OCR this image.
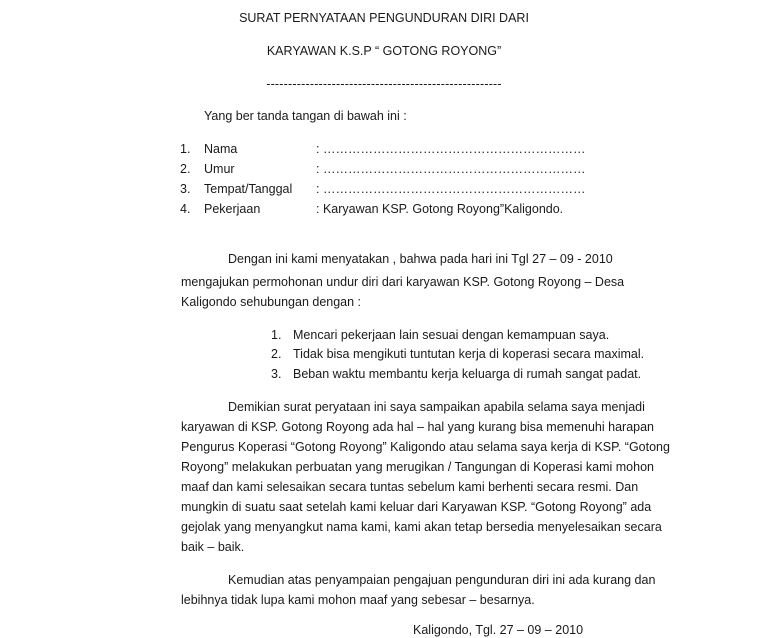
SURAT PERNYATAAN PENGUNDURAN DIRI DARI
KARYAWAN K.S.P “ GOTONG ROYONG”
------------------------------------------------------
Yang ber tanda tangan di bawah ini :
1. Nama	: ………………………………………………………
2. Umur	: ………………………………………………………
3. Tempat/Tanggal : ………………………………………………………
4. Pekerjaan	: Karyawan KSP. Gotong Royong”Kaligondo.
Dengan ini kami menyatakan , bahwa pada hari ini Tgl 27 – 09 - 2010
mengajukan permohonan undur diri dari karyawan KSP. Gotong Royong – Desa
Kaligondo sehubungan dengan :
1. Mencari pekerjaan lain sesuai dengan kemampuan saya.
2. Tidak bisa mengikuti tuntutan kerja di koperasi secara maximal.
3. Beban waktu membantu kerja keluarga di rumah sangat padat.
Demikian surat peryataan ini saya sampaikan apabila selama saya menjadi
karyawan di KSP. Gotong Royong ada hal – hal yang kurang bisa memenuhi harapan
Pengurus Koperasi “Gotong Royong” Kaligondo atau selama saya kerja di KSP. “Gotong
Royong” melakukan perbuatan yang merugikan / Tangungan di Koperasi kami mohon
maaf dan kami selesaikan secara tuntas sebelum kami berhenti secara resmi. Dan
mungkin di suatu saat setelah kami keluar dari Karyawan KSP. “Gotong Royong” ada
gejolak yang menyangkut nama kami, kami akan tetap bersedia menyelesaikan secara
baik – baik.
Kemudian atas penyampaian pengajuan pengunduran diri ini ada kurang dan
lebihnya tidak lupa kami mohon maaf yang sebesar – besarnya.
Kaligondo, Tgl. 27 – 09 – 2010
